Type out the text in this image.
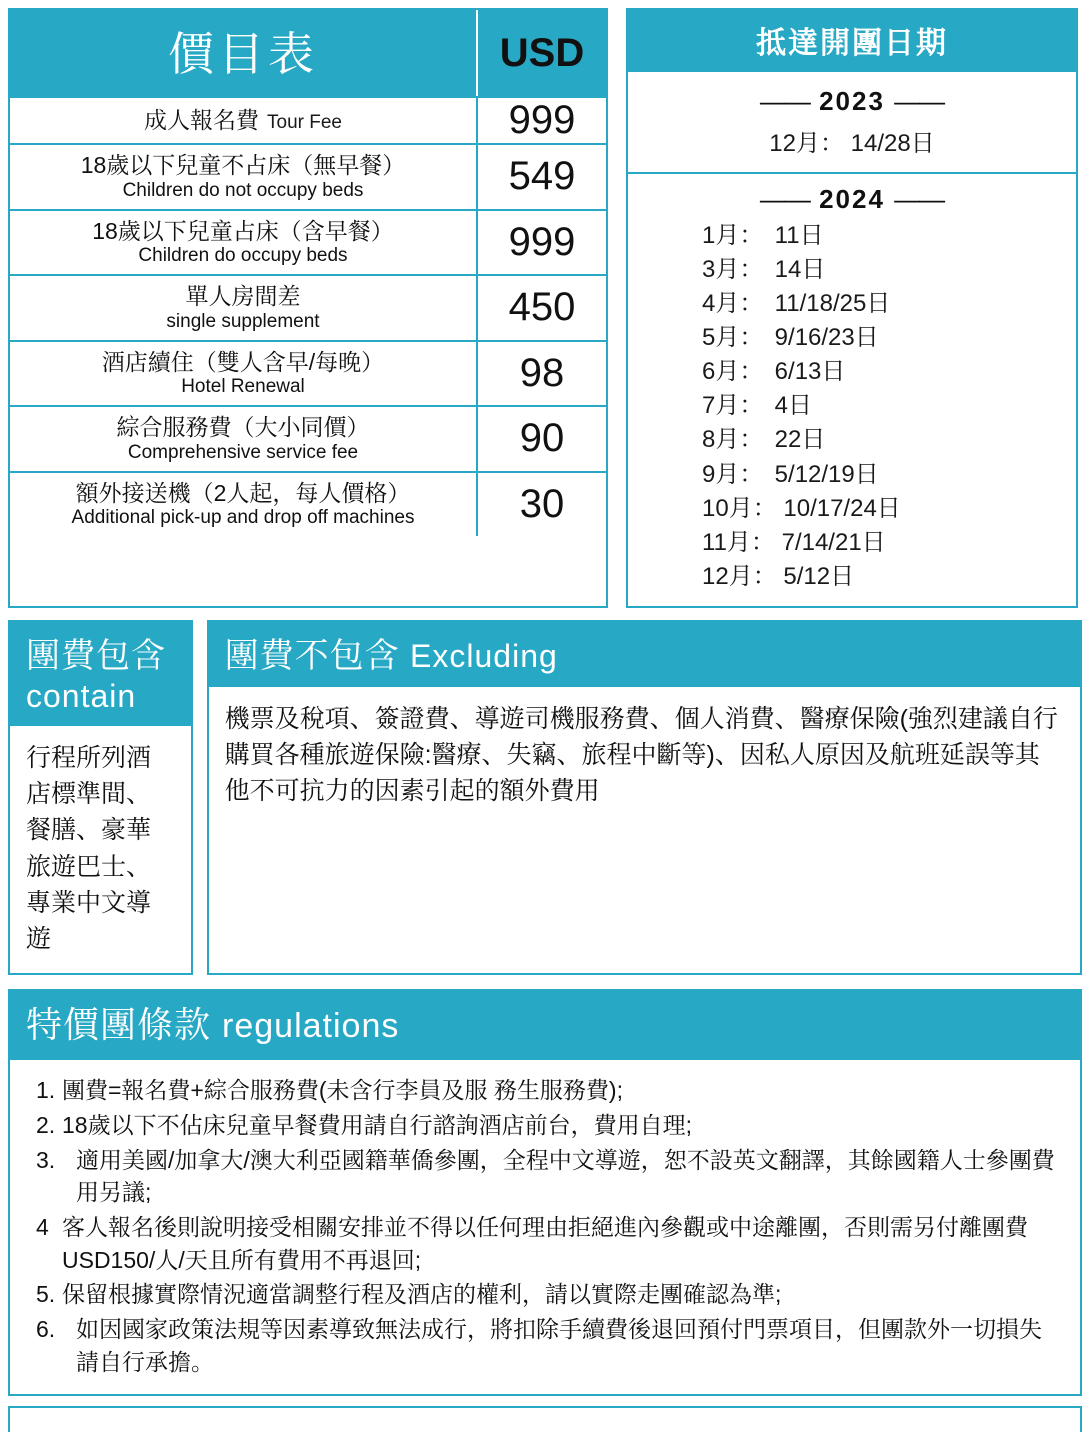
價目表	USD
成人報名費 Tour Fee	999
18歲以下兒童不占床（無早餐）
Children do not occupy beds	549
18歲以下兒童占床（含早餐）
Children do occupy beds	999
單人房間差
single supplement	450
酒店續住（雙人含早/每晚）
Hotel Renewal	98
綜合服務費（大小同價）
Comprehensive service fee	90
額外接送機（2人起，每人價格）
Additional pick-up and drop off machines	30
抵達開團日期
—— 2023 ——
12月： 14/28日
—— 2024 ——
1月： 11日
3月： 14日
4月： 11/18/25日
5月： 9/16/23日
6月： 6/13日
7月： 4日
8月： 22日
9月： 5/12/19日
10月： 10/17/24日
11月： 7/14/21日
12月： 5/12日
團費包含 contain
行程所列酒店標準間、餐膳、豪華旅遊巴士、專業中文導遊
團費不包含 Excluding
機票及稅項、簽證費、導遊司機服務費、個人消費、醫療保險(強烈建議自行購買各種旅遊保險:醫療、失竊、旅程中斷等)、因私人原因及航班延誤等其他不可抗力的因素引起的額外費用
特價團條款 regulations
1. 團費=報名費+綜合服務費(未含行李員及服 務生服務費);
2. 18歲以下不佔床兒童早餐費用請自行諮詢酒店前台，費用自理;
3. 適用美國/加拿大/澳大利亞國籍華僑參團，全程中文導遊，恕不設英文翻譯，其餘國籍人士參團費用另議;
4 客人報名後則說明接受相關安排並不得以任何理由拒絕進內參觀或中途離團，否則需另付離團費USD150/人/天且所有費用不再退回;
5. 保留根據實際情況適當調整行程及酒店的權利，請以實際走團確認為準;
6. 如因國家政策法規等因素導致無法成行，將扣除手續費後退回預付門票項目，但團款外一切損失請自行承擔。
